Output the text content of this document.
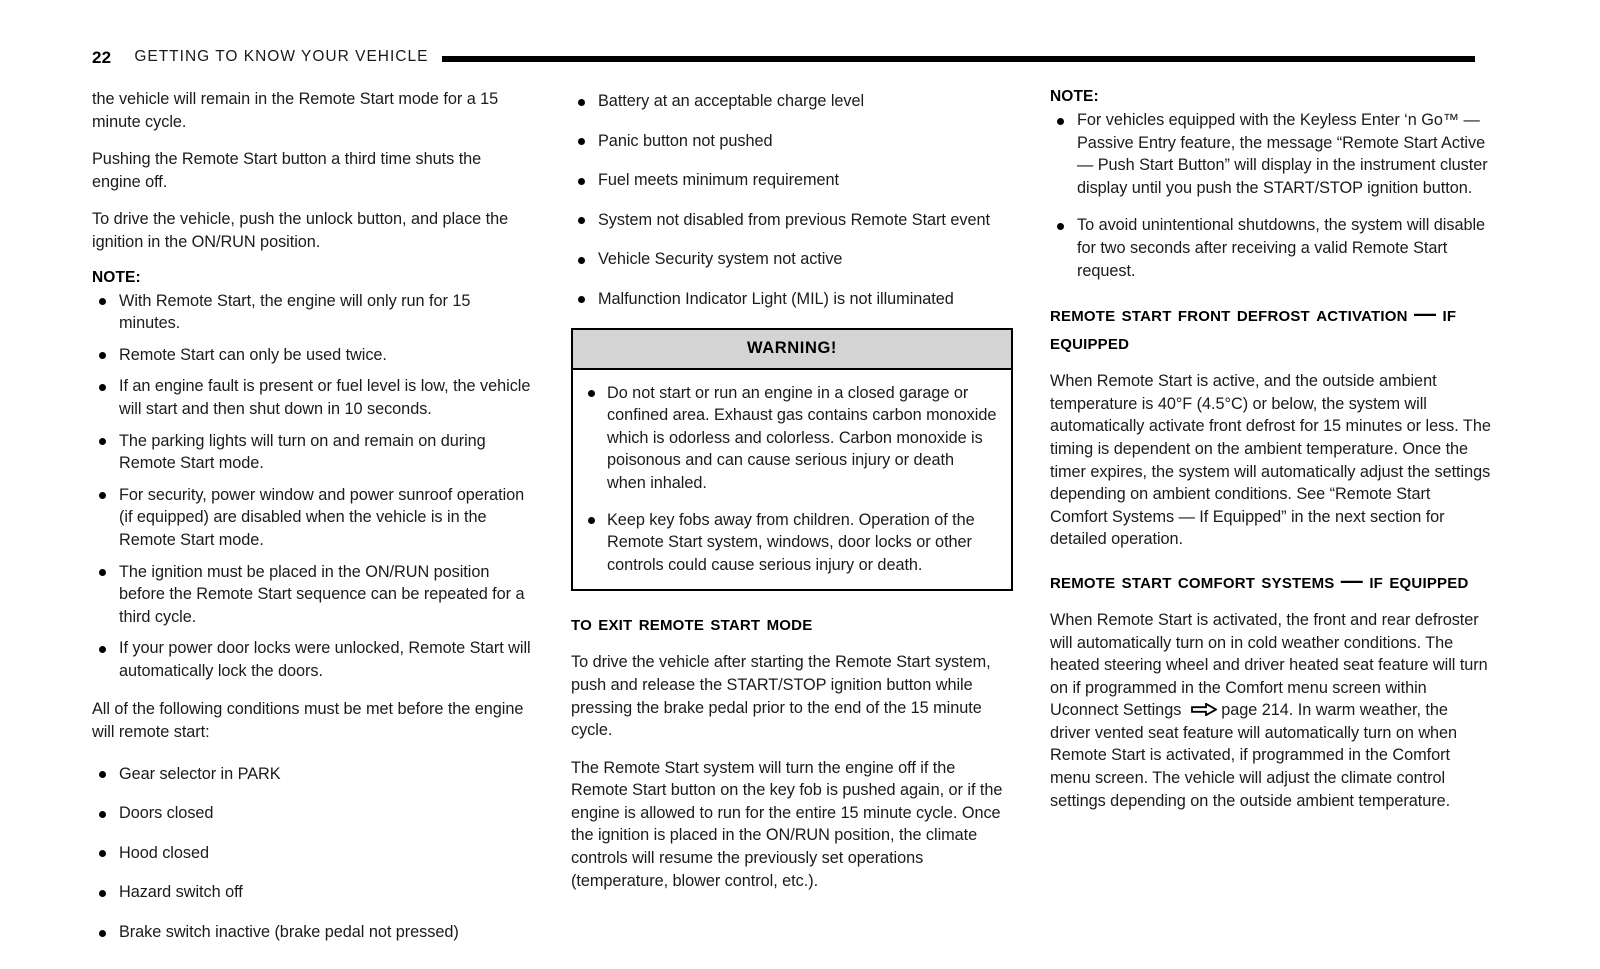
22 GETTING TO KNOW YOUR VEHICLE

the vehicle will remain in the Remote Start mode for a 15 minute cycle.

Pushing the Remote Start button a third time shuts the engine off.

To drive the vehicle, push the unlock button, and place the ignition in the ON/RUN position.

NOTE:
With Remote Start, the engine will only run for 15 minutes.
Remote Start can only be used twice.
If an engine fault is present or fuel level is low, the vehicle will start and then shut down in 10 seconds.
The parking lights will turn on and remain on during Remote Start mode.
For security, power window and power sunroof operation (if equipped) are disabled when the vehicle is in the Remote Start mode.
The ignition must be placed in the ON/RUN position before the Remote Start sequence can be repeated for a third cycle.
If your power door locks were unlocked, Remote Start will automatically lock the doors.

All of the following conditions must be met before the engine will remote start:

Gear selector in PARK
Doors closed
Hood closed
Hazard switch off
Brake switch inactive (brake pedal not pressed)
Battery at an acceptable charge level
Panic button not pushed
Fuel meets minimum requirement
System not disabled from previous Remote Start event
Vehicle Security system not active
Malfunction Indicator Light (MIL) is not illuminated
WARNING!
Do not start or run an engine in a closed garage or confined area. Exhaust gas contains carbon monoxide which is odorless and colorless. Carbon monoxide is poisonous and can cause serious injury or death when inhaled.
Keep key fobs away from children. Operation of the Remote Start system, windows, door locks or other controls could cause serious injury or death.
to exit remote start mode

To drive the vehicle after starting the Remote Start system, push and release the START/STOP ignition button while pressing the brake pedal prior to the end of the 15 minute cycle.

The Remote Start system will turn the engine off if the Remote Start button on the key fob is pushed again, or if the engine is allowed to run for the entire 15 minute cycle. Once the ignition is placed in the ON/RUN position, the climate controls will resume the previously set operations (temperature, blower control, etc.).

NOTE:
For vehicles equipped with the Keyless Enter ‘n Go™ — Passive Entry feature, the message “Remote Start Active — Push Start Button” will display in the instrument cluster display until you push the START/STOP ignition button.
To avoid unintentional shutdowns, the system will disable for two seconds after receiving a valid Remote Start request.
remote start front defrost activation — if equipped

When Remote Start is active, and the outside ambient temperature is 40°F (4.5°C) or below, the system will automatically activate front defrost for 15 minutes or less. The timing is dependent on the ambient temperature. Once the timer expires, the system will automatically adjust the settings depending on ambient conditions. See “Remote Start Comfort Systems — If Equipped” in the next section for detailed operation.

remote start comfort systems — if equipped

When Remote Start is activated, the front and rear defroster will automatically turn on in cold weather conditions. The heated steering wheel and driver heated seat feature will turn on if programmed in the Comfort menu screen within Uconnect Settings page 214. In warm weather, the driver vented seat feature will automatically turn on when Remote Start is activated, if programmed in the Comfort menu screen. The vehicle will adjust the climate control settings depending on the outside ambient temperature.
